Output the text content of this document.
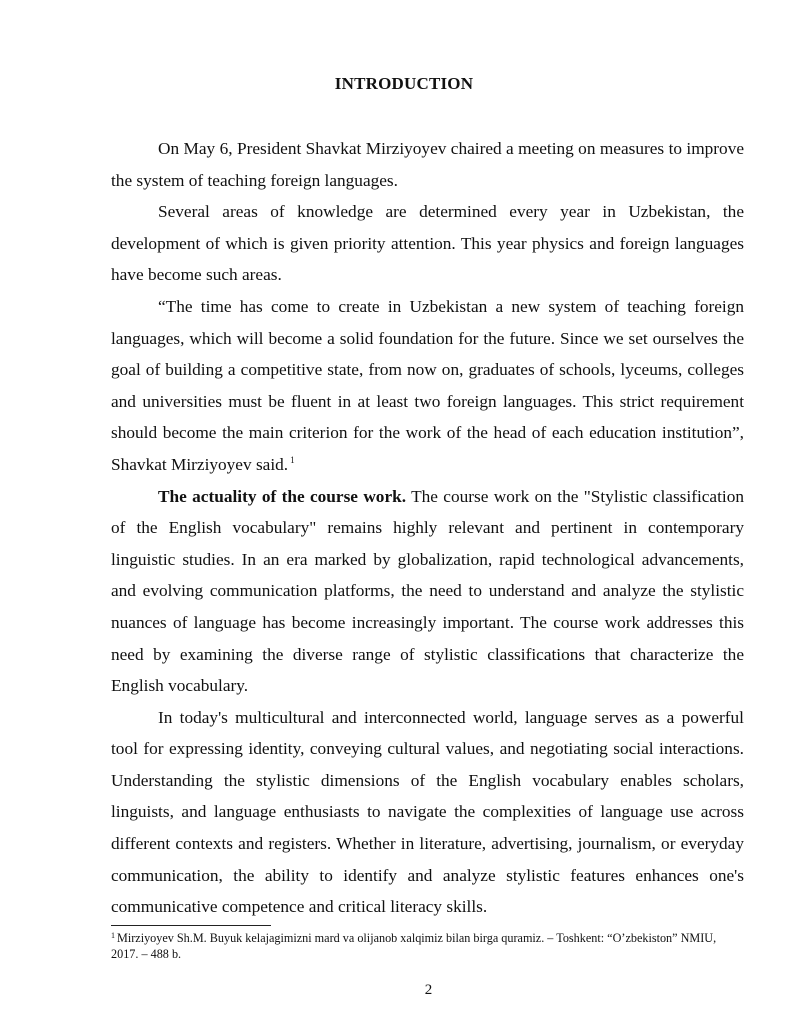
INTRODUCTION

On May 6, President Shavkat Mirziyoyev chaired a meeting on measures to improve the system of teaching foreign languages.

Several areas of knowledge are determined every year in Uzbekistan, the development of which is given priority attention. This year physics and foreign languages have become such areas.

“The time has come to create in Uzbekistan a new system of teaching foreign languages, which will become a solid foundation for the future. Since we set ourselves the goal of building a competitive state, from now on, graduates of schools, lyceums, colleges and universities must be fluent in at least two foreign languages. This strict requirement should become the main criterion for the work of the head of each education institution”, Shavkat Mirziyoyev said. $^1$

The actuality of the course work. The course work on the "Stylistic classification of the English vocabulary" remains highly relevant and pertinent in contemporary linguistic studies. In an era marked by globalization, rapid technological advancements, and evolving communication platforms, the need to understand and analyze the stylistic nuances of language has become increasingly important. The course work addresses this need by examining the diverse range of stylistic classifications that characterize the English vocabulary.

In today's multicultural and interconnected world, language serves as a powerful tool for expressing identity, conveying cultural values, and negotiating social interactions. Understanding the stylistic dimensions of the English vocabulary enables scholars, linguists, and language enthusiasts to navigate the complexities of language use across different contexts and registers. Whether in literature, advertising, journalism, or everyday communication, the ability to identify and analyze stylistic features enhances one's communicative competence and critical literacy skills.

$^1$ Mirziyoyev Sh.M. Buyuk kelajagimizni mard va olijanob xalqimiz bilan birga quramiz. – Toshkent: “O’zbekiston” NMIU, 2017. – 488 b.
2
